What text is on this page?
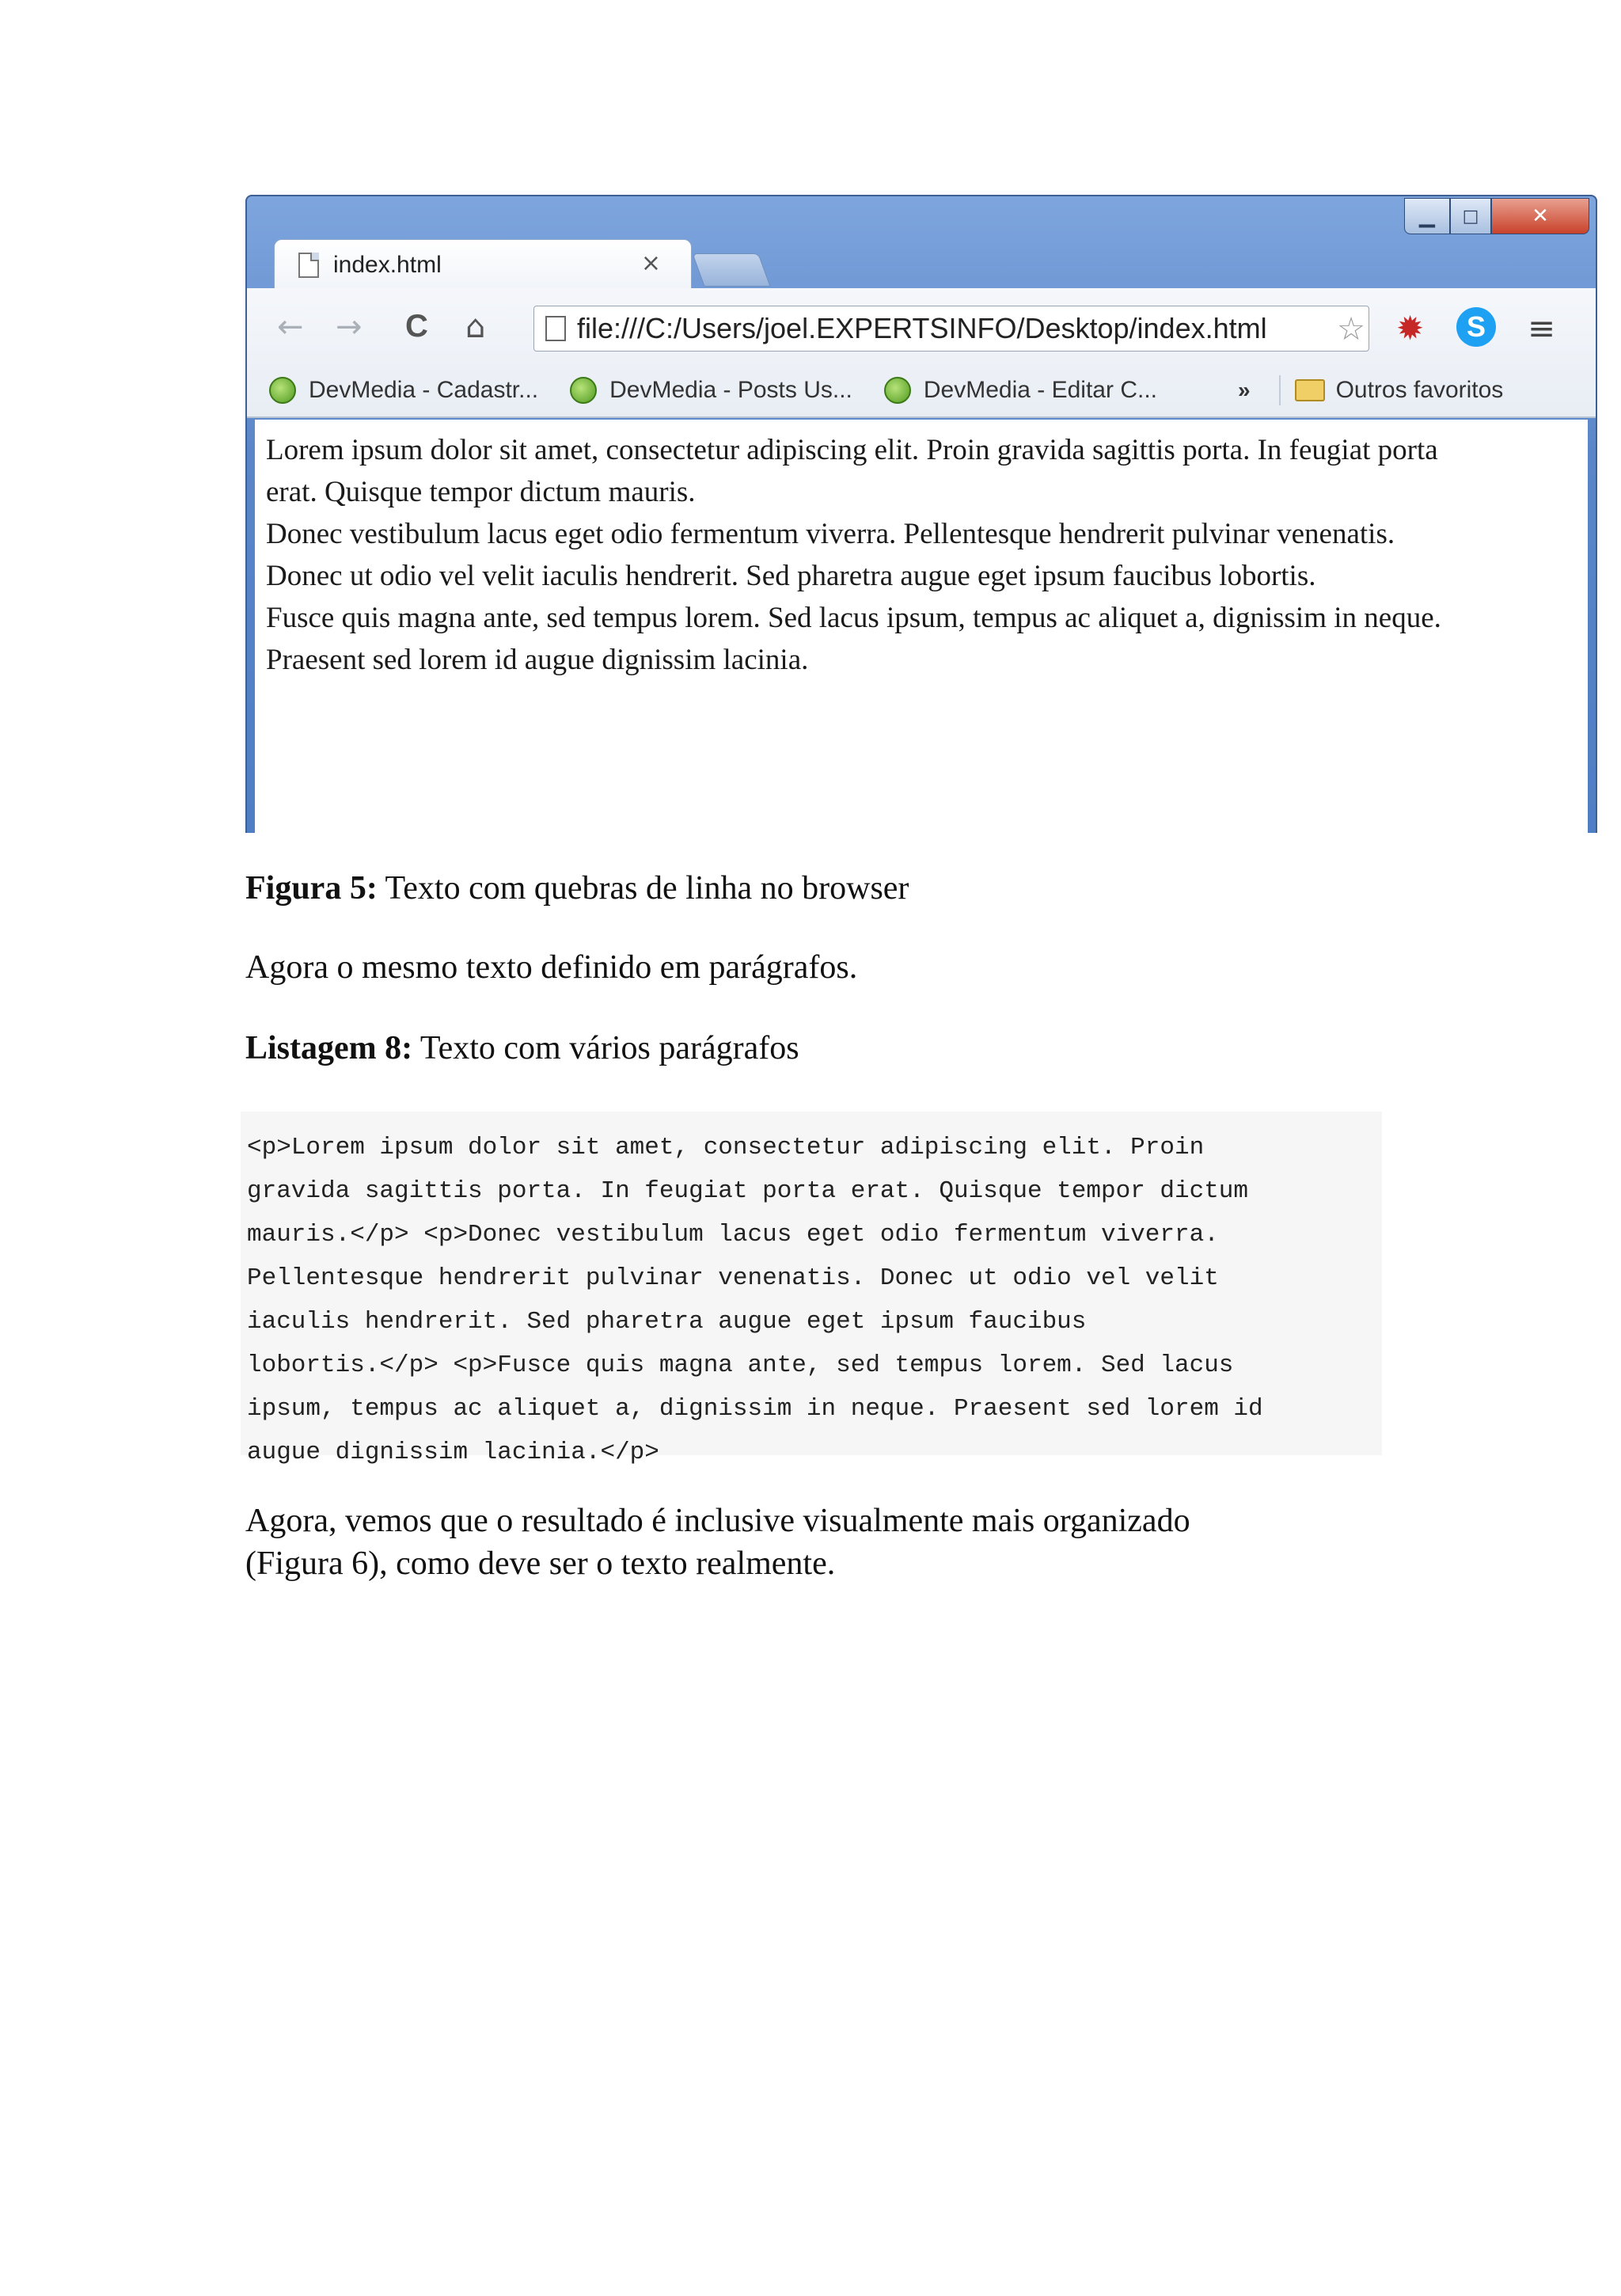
▁	□	✕
index.html	×
← → C ⌂	file:///C:/Users/joel.EXPERTSINFO/Desktop/index.html ☆ ✹	S	≡
DevMedia - Cadastr...	DevMedia - Posts Us...	DevMedia - Editar C...	»	Outros favoritos

Lorem ipsum dolor sit amet, consectetur adipiscing elit. Proin gravida sagittis porta. In feugiat porta

erat. Quisque tempor dictum mauris.

Donec vestibulum lacus eget odio fermentum viverra. Pellentesque hendrerit pulvinar venenatis.

Donec ut odio vel velit iaculis hendrerit. Sed pharetra augue eget ipsum faucibus lobortis.

Fusce quis magna ante, sed tempus lorem. Sed lacus ipsum, tempus ac aliquet a, dignissim in neque.

Praesent sed lorem id augue dignissim lacinia.

Figura 5: Texto com quebras de linha no browser
Agora o mesmo texto definido em parágrafos.
Listagem 8: Texto com vários parágrafos

<p>Lorem ipsum dolor sit amet, consectetur adipiscing elit. Proin

gravida sagittis porta. In feugiat porta erat. Quisque tempor dictum

mauris.</p> <p>Donec vestibulum lacus eget odio fermentum viverra.

Pellentesque hendrerit pulvinar venenatis. Donec ut odio vel velit

iaculis hendrerit. Sed pharetra augue eget ipsum faucibus

lobortis.</p> <p>Fusce quis magna ante, sed tempus lorem. Sed lacus

ipsum, tempus ac aliquet a, dignissim in neque. Praesent sed lorem id

augue dignissim lacinia.</p>

Agora, vemos que o resultado é inclusive visualmente mais organizado
(Figura 6), como deve ser o texto realmente.
